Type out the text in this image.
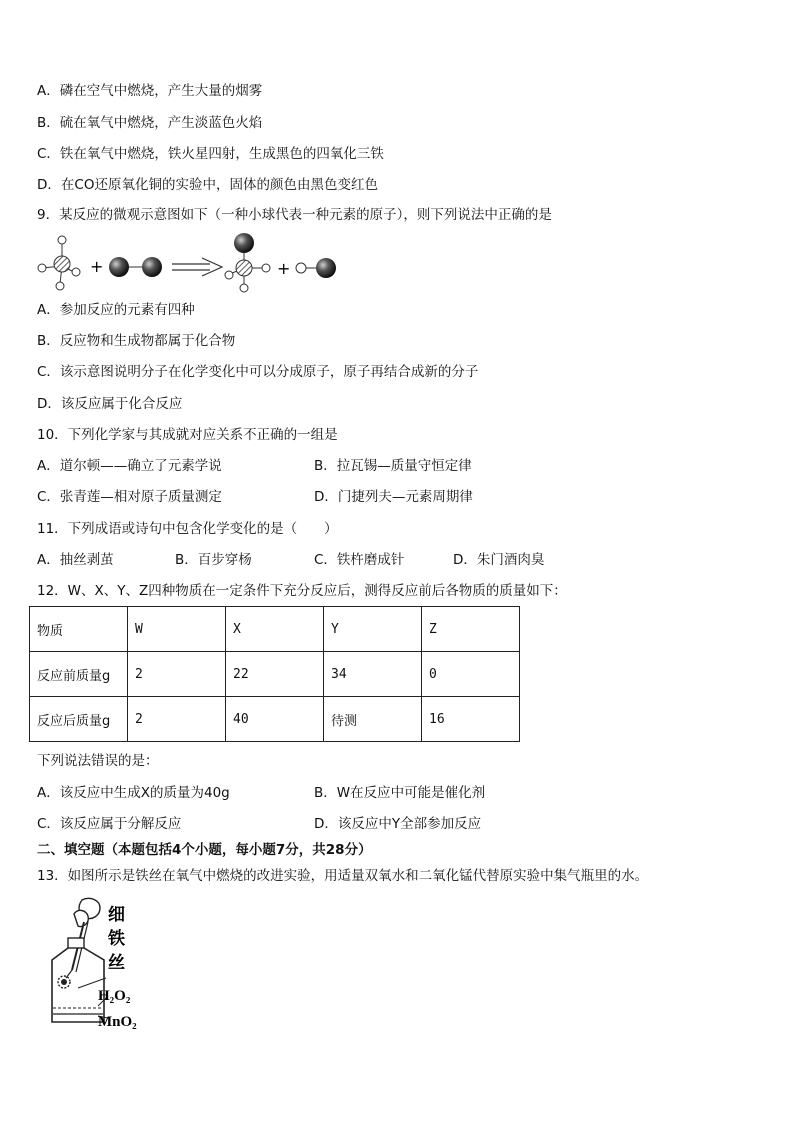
A．磷在空气中燃烧，产生大量的烟雾
B．硫在氧气中燃烧，产生淡蓝色火焰
C．铁在氧气中燃烧，铁火星四射，生成黑色的四氧化三铁
D．在CO还原氧化铜的实验中，固体的颜色由黑色变红色
9．某反应的微观示意图如下（一种小球代表一种元素的原子），则下列说法中正确的是
+	+
A．参加反应的元素有四种
B．反应物和生成物都属于化合物
C．该示意图说明分子在化学变化中可以分成原子，原子再结合成新的分子
D．该反应属于化合反应
10．下列化学家与其成就对应关系不正确的一组是
A．道尔顿——确立了元素学说	B．拉瓦锡—质量守恒定律
C．张青莲—相对原子质量测定	D．门捷列夫—元素周期律
11．下列成语或诗句中包含化学变化的是（　　）
A．抽丝剥茧	B．百步穿杨	C．铁杵磨成针	D．朱门酒肉臭
12．W、X、Y、Z四种物质在一定条件下充分反应后，测得反应前后各物质的质量如下：
物质	W	X	Y	Z
反应前质量g	2	22	34	0
反应后质量g	2	40	待测	16
下列说法错误的是：
A．该反应中生成X的质量为40g	B．W在反应中可能是催化剂
C．该反应属于分解反应	D．该反应中Y全部参加反应
二、填空题（本题包括4个小题，每小题7分，共28分）
13．如图所示是铁丝在氧气中燃烧的改进实验，用适量双氧水和二氧化锰代替原实验中集气瓶里的水。
细
铁
丝
H₂O₂
MnO₂
